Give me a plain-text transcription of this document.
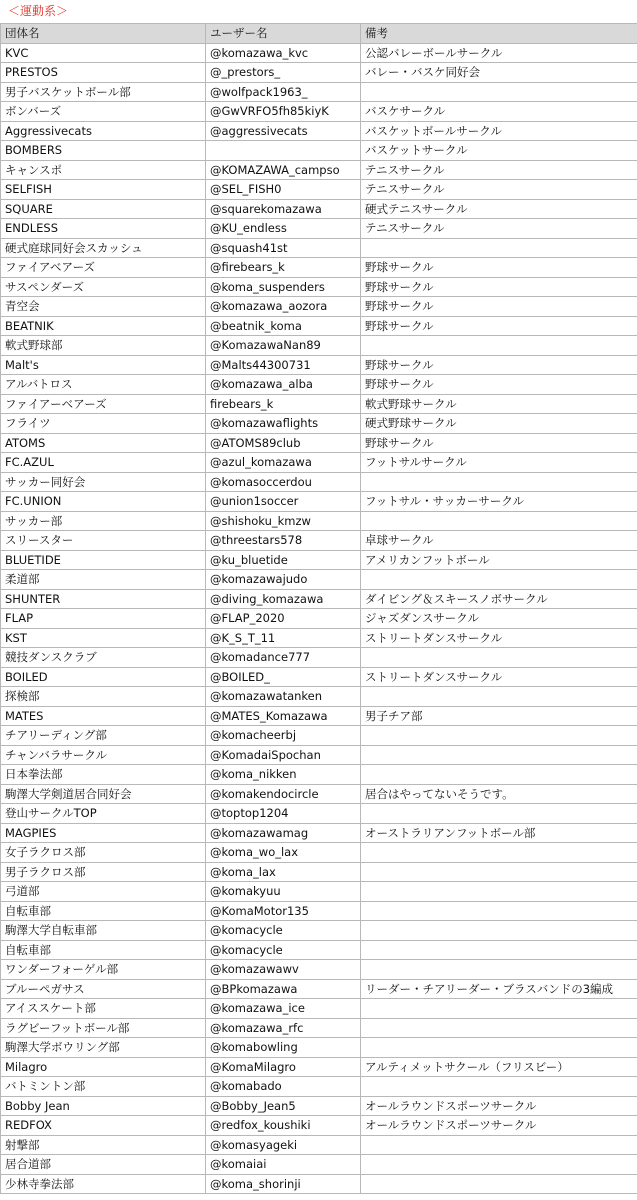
＜運動系＞
団体名	ユーザー名	備考
KVC	@komazawa_kvc	公認バレーボールサークル
PRESTOS	@_prestors_	バレー・バスケ同好会
男子バスケットボール部	@wolfpack1963_	
ボンバーズ	@GwVRFO5fh85kiyK	バスケサークル
Aggressivecats	@aggressivecats	バスケットボールサークル
BOMBERS		バスケットサークル
キャンスポ	@KOMAZAWA_campso	テニスサークル
SELFISH	@SEL_FISH0	テニスサークル
SQUARE	@squarekomazawa	硬式テニスサークル
ENDLESS	@KU_endless	テニスサークル
硬式庭球同好会スカッシュ	@squash41st	
ファイアベアーズ	@firebears_k	野球サークル
サスペンダーズ	@koma_suspenders	野球サークル
青空会	@komazawa_aozora	野球サークル
BEATNIK	@beatnik_koma	野球サークル
軟式野球部	@KomazawaNan89	
Malt's	@Malts44300731	野球サークル
アルバトロス	@komazawa_alba	野球サークル
ファイアーベアーズ	firebears_k	軟式野球サークル
フライツ	@komazawaflights	硬式野球サークル
ATOMS	@ATOMS89club	野球サークル
FC.AZUL	@azul_komazawa	フットサルサークル
サッカー同好会	@komasoccerdou	
FC.UNION	@union1soccer	フットサル・サッカーサークル
サッカー部	@shishoku_kmzw	
スリースター	@threestars578	卓球サークル
BLUETIDE	@ku_bluetide	アメリカンフットボール
柔道部	@komazawajudo	
SHUNTER	@diving_komazawa	ダイビング＆スキースノボサークル
FLAP	@FLAP_2020	ジャズダンスサークル
KST	@K_S_T_11	ストリートダンスサークル
競技ダンスクラブ	@komadance777	
BOILED	@BOILED_	ストリートダンスサークル
探検部	@komazawatanken	
MATES	@MATES_Komazawa	男子チア部
チアリーディング部	@komacheerbj	
チャンバラサークル	@KomadaiSpochan	
日本拳法部	@koma_nikken	
駒澤大学剣道居合同好会	@komakendocircle	居合はやってないそうです。
登山サークルTOP	@toptop1204	
MAGPIES	@komazawamag	オーストラリアンフットボール部
女子ラクロス部	@koma_wo_lax	
男子ラクロス部	@koma_lax	
弓道部	@komakyuu	
自転車部	@KomaMotor135	
駒澤大学自転車部	@komacycle	
自転車部	@komacycle	
ワンダーフォーゲル部	@komazawawv	
ブルーペガサス	@BPkomazawa	リーダー・チアリーダー・ブラスバンドの3編成
アイススケート部	@komazawa_ice	
ラグビーフットボール部	@komazawa_rfc	
駒澤大学ボウリング部	@komabowling	
Milagro	@KomaMilagro	アルティメットサクール（フリスビー）
バトミントン部	@komabado	
Bobby Jean	@Bobby_Jean5	オールラウンドスポーツサークル
REDFOX	@redfox_koushiki	オールラウンドスポーツサークル
射撃部	@komasyageki	
居合道部	@komaiai	
少林寺拳法部	@koma_shorinji	
